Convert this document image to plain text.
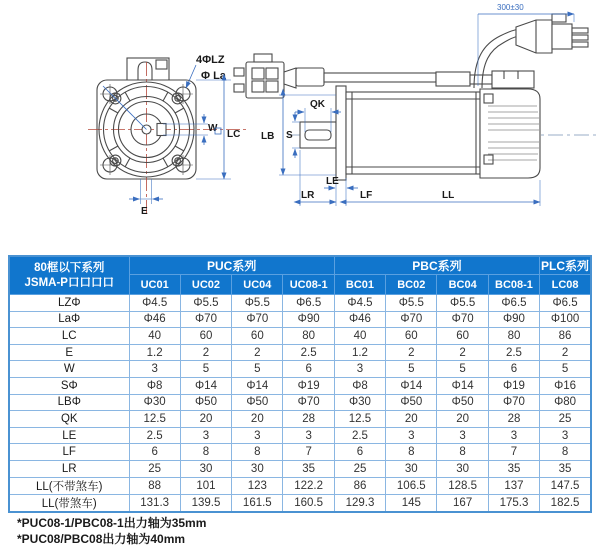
4ΦLZ
Φ La
W
LC
E
300±30
LB S
QK
LE
LR	LF	LL
80框以下系列
JSMA-P口口口口	PUC系列				PBC系列				PLC系列
	UC01	UC02	UC04	UC08-1	BC01	BC02	BC04	BC08-1	LC08
LZΦ	Φ4.5	Φ5.5	Φ5.5	Φ6.5	Φ4.5	Φ5.5	Φ5.5	Φ6.5	Φ6.5
LaΦ	Φ46	Φ70	Φ70	Φ90	Φ46	Φ70	Φ70	Φ90	Φ100
LC	40	60	60	80	40	60	60	80	86
E	1.2	2	2	2.5	1.2	2	2	2.5	2
W	3	5	5	6	3	5	5	6	5
SΦ	Φ8	Φ14	Φ14	Φ19	Φ8	Φ14	Φ14	Φ19	Φ16
LBΦ	Φ30	Φ50	Φ50	Φ70	Φ30	Φ50	Φ50	Φ70	Φ80
QK	12.5	20	20	28	12.5	20	20	28	25
LE	2.5	3	3	3	2.5	3	3	3	3
LF	6	8	8	7	6	8	8	7	8
LR	25	30	30	35	25	30	30	35	35
LL(不带煞车)	88	101	123	122.2	86	106.5	128.5	137	147.5
LL(带煞车)	131.3	139.5	161.5	160.5	129.3	145	167	175.3	182.5
*PUC08-1/PBC08-1出力轴为35mm
*PUC08/PBC08出力轴为40mm
